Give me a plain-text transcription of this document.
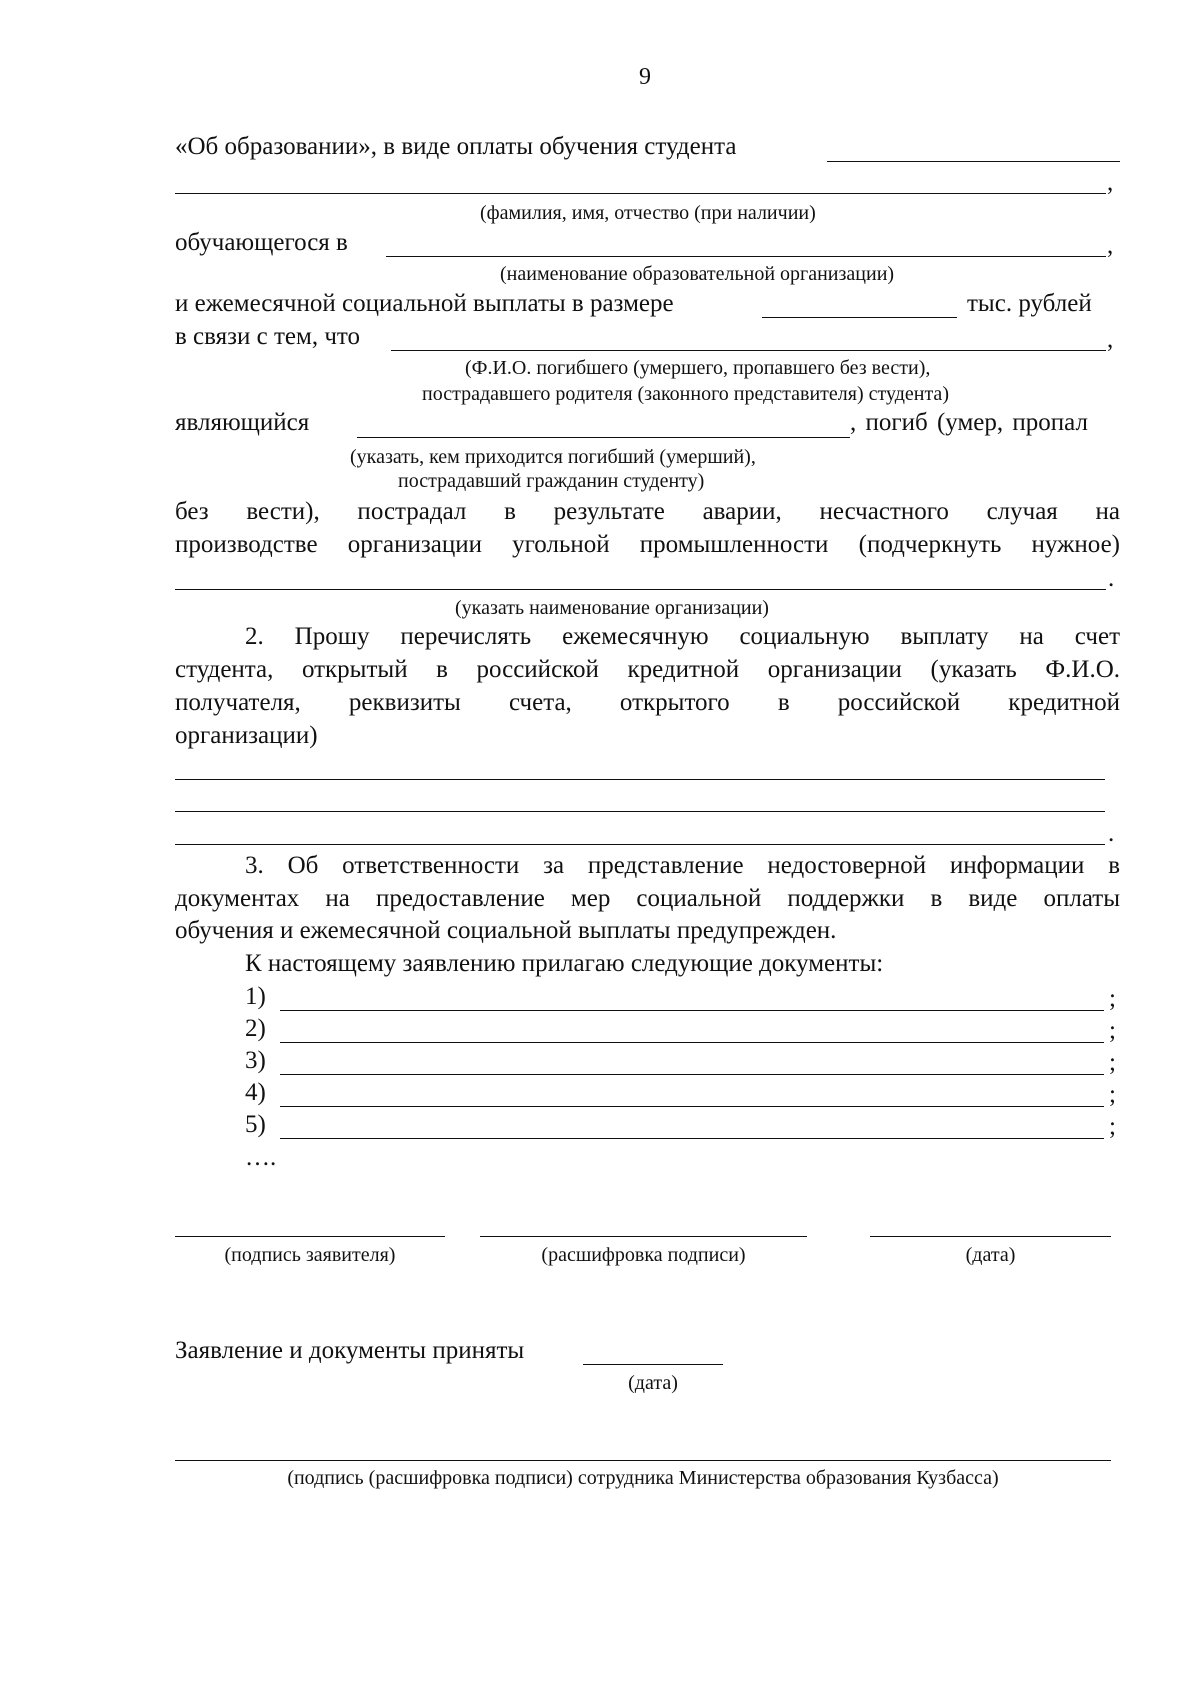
9
«Об образовании», в виде оплаты обучения студента
,
(фамилия, имя, отчество (при наличии)
обучающегося в	,
(наименование образовательной организации)
и ежемесячной социальной выплаты в размере	тыс. рублей
в связи с тем, что	,
(Ф.И.О. погибшего (умершего, пропавшего без вести),
пострадавшего родителя (законного представителя) студента)
являющийся	, погиб (умер, пропал
(указать, кем приходится погибший (умерший),
пострадавший гражданин студенту)
без вести), пострадал в результате аварии, несчастного случая на
производстве организации угольной промышленности (подчеркнуть нужное)
.
(указать наименование организации)
2. Прошу перечислять ежемесячную социальную выплату на счет
студента, открытый в российской кредитной организации (указать Ф.И.О.
получателя, реквизиты счета, открытого в российской кредитной
организации)
.
3. Об ответственности за представление недостоверной информации в
документах на предоставление мер социальной поддержки в виде оплаты
обучения и ежемесячной социальной выплаты предупрежден.
К настоящему заявлению прилагаю следующие документы:
1)	;
2)	;
3)	;
4)	;
5)	;
….
(подпись заявителя)	(расшифровка подписи)	(дата)
Заявление и документы приняты
(дата)
(подпись (расшифровка подписи) сотрудника Министерства образования Кузбасса)
